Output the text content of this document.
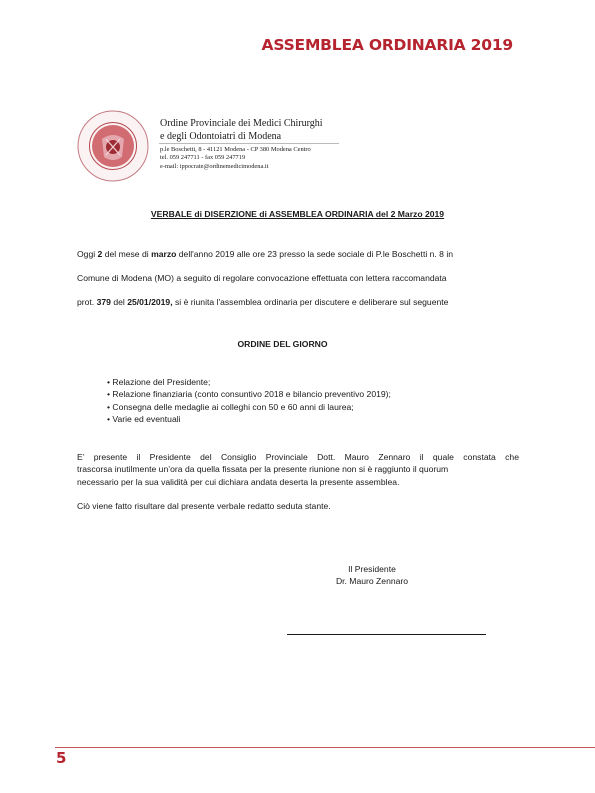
ASSEMBLEA ORDINARIA 2019
Ordine Provinciale dei Medici Chirurghi
e degli Odontoiatri di Modena
p.le Boschetti, 8 - 41121 Modena - CP 380 Modena Centro
tel. 059 247711 - fax 059 247719
e-mail: ippocrate@ordinemedicimodena.it
VERBALE di DISERZIONE di ASSEMBLEA ORDINARIA del 2 Marzo 2019
Oggi 2 del mese di marzo dell'anno 2019 alle ore 23 presso la sede sociale di P.le Boschetti n. 8 in
Comune di Modena (MO) a seguito di regolare convocazione effettuata con lettera raccomandata
prot. 379 del 25/01/2019, si è riunita l'assemblea ordinaria per discutere e deliberare sul seguente
ORDINE DEL GIORNO
• Relazione del Presidente;
• Relazione finanziaria (conto consuntivo 2018 e bilancio preventivo 2019);
• Consegna delle medaglie ai colleghi con 50 e 60 anni di laurea;
• Varie ed eventuali
E’ presente il Presidente del Consiglio Provinciale Dott. Mauro Zennaro il quale constata che
trascorsa inutilmente un’ora da quella fissata per la presente riunione non si è raggiunto il quorum
necessario per la sua validità per cui dichiara andata deserta la presente assemblea.
Ciò viene fatto risultare dal presente verbale redatto seduta stante.
Il Presidente
Dr. Mauro Zennaro
5
